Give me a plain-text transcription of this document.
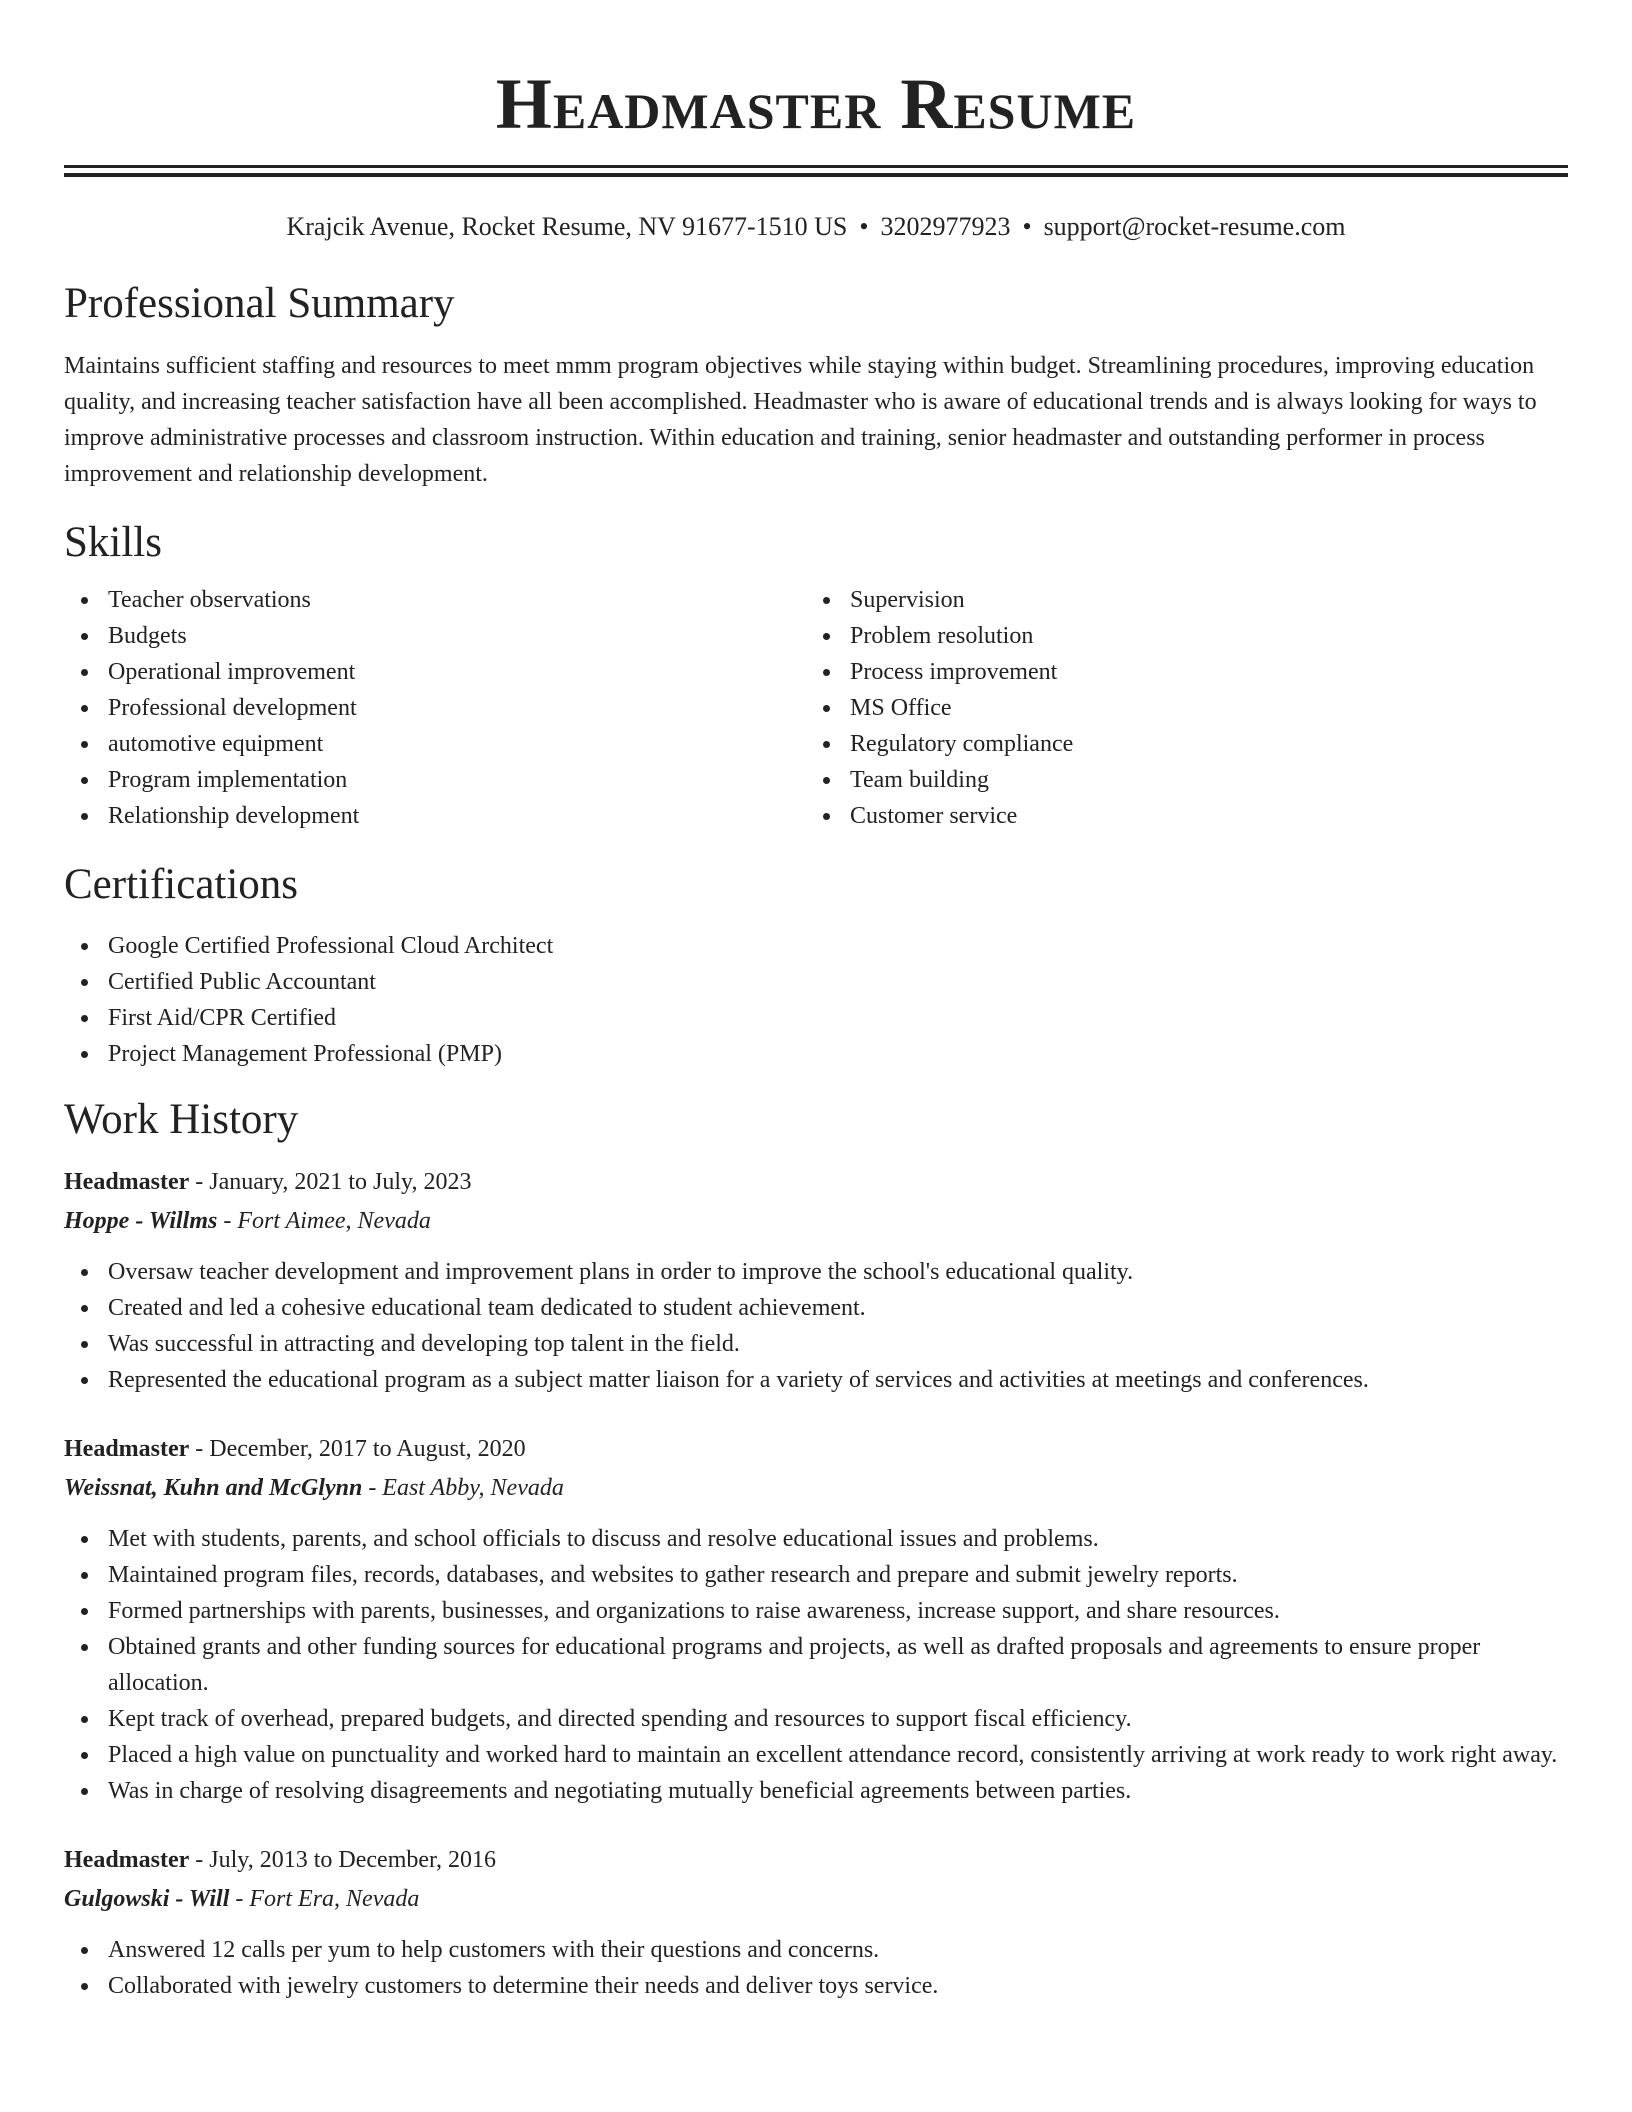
Headmaster Resume
Krajcik Avenue, Rocket Resume, NV 91677-1510 US • 3202977923 • support@rocket-resume.com
Professional Summary

Maintains sufficient staffing and resources to meet mmm program objectives while staying within budget. Streamlining procedures, improving education quality, and increasing teacher satisfaction have all been accomplished. Headmaster who is aware of educational trends and is always looking for ways to improve administrative processes and classroom instruction. Within education and training, senior headmaster and outstanding performer in process improvement and relationship development.

Skills
Teacher observations
Budgets
Operational improvement
Professional development
automotive equipment
Program implementation
Relationship development
Supervision
Problem resolution
Process improvement
MS Office
Regulatory compliance
Team building
Customer service
Certifications
Google Certified Professional Cloud Architect
Certified Public Accountant
First Aid/CPR Certified
Project Management Professional (PMP)
Work History
Headmaster - January, 2021 to July, 2023
Hoppe - Willms - Fort Aimee, Nevada
Oversaw teacher development and improvement plans in order to improve the school's educational quality.
Created and led a cohesive educational team dedicated to student achievement.
Was successful in attracting and developing top talent in the field.
Represented the educational program as a subject matter liaison for a variety of services and activities at meetings and conferences.
Headmaster - December, 2017 to August, 2020
Weissnat, Kuhn and McGlynn - East Abby, Nevada
Met with students, parents, and school officials to discuss and resolve educational issues and problems.
Maintained program files, records, databases, and websites to gather research and prepare and submit jewelry reports.
Formed partnerships with parents, businesses, and organizations to raise awareness, increase support, and share resources.
Obtained grants and other funding sources for educational programs and projects, as well as drafted proposals and agreements to ensure proper allocation.
Kept track of overhead, prepared budgets, and directed spending and resources to support fiscal efficiency.
Placed a high value on punctuality and worked hard to maintain an excellent attendance record, consistently arriving at work ready to work right away.
Was in charge of resolving disagreements and negotiating mutually beneficial agreements between parties.
Headmaster - July, 2013 to December, 2016
Gulgowski - Will - Fort Era, Nevada
Answered 12 calls per yum to help customers with their questions and concerns.
Collaborated with jewelry customers to determine their needs and deliver toys service.
